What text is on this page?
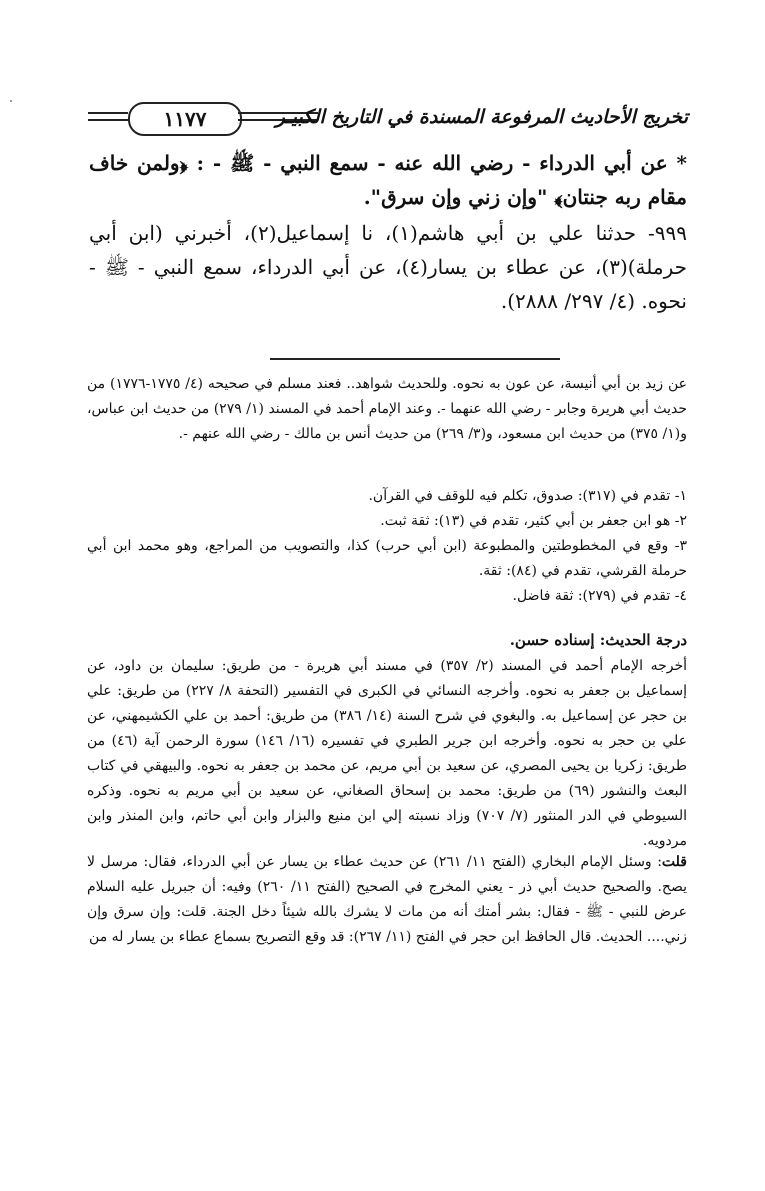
١١٧٧	تخريج الأحاديث المرفوعة المسندة في التاريخ الكبيـر
* عن أبي الدرداء - رضي الله عنه - سمع النبي - ﷺ - : ﴿ولمن خاف مقام ربه جنتان﴾ "وإن زني وإن سرق".
٩٩٩- حدثنا علي بن أبي هاشم(١)، نا إسماعيل(٢)، أخبرني (ابن أبي حرملة)(٣)، عن عطاء بن يسار(٤)، عن أبي الدرداء، سمع النبي - ﷺ - نحوه. (٤/ ٢٩٧/ ٢٨٨٨).
عن زيد بن أبي أنيسة، عن عون به نحوه. وللحديث شواهد.. فعند مسلم في صحيحه (٤/ ١٧٧٥-١٧٧٦) من حديث أبي هريرة وجابر - رضي الله عنهما -. وعند الإمام أحمد في المسند (١/ ٢٧٩) من حديث ابن عباس، و(١/ ٣٧٥) من حديث ابن مسعود، و(٣/ ٢٦٩) من حديث أنس بن مالك - رضي الله عنهم -.
١- تقدم في (٣١٧): صدوق، تكلم فيه للوقف في القرآن.
٢- هو ابن جعفر بن أبي كثير، تقدم في (١٣): ثقة ثبت.
٣- وقع في المخطوطتين والمطبوعة (ابن أبي حرب) كذا، والتصويب من المراجع، وهو محمد ابن أبي حرملة القرشي، تقدم في (٨٤): ثقة.
٤- تقدم في (٢٧٩): ثقة فاضل.
درجة الحديث: إسناده حسن.
أخرجه الإمام أحمد في المسند (٢/ ٣٥٧) في مسند أبي هريرة - من طريق: سليمان بن داود، عن إسماعيل بن جعفر به نحوه. وأخرجه النسائي في الكبرى في التفسير (التحفة ٨/ ٢٢٧) من طريق: علي بن حجر عن إسماعيل به. والبغوي في شرح السنة (١٤/ ٣٨٦) من طريق: أحمد بن علي الكشيمهني، عن علي بن حجر به نحوه. وأخرجه ابن جرير الطبري في تفسيره (١٦/ ١٤٦) سورة الرحمن آية (٤٦) من طريق: زكريا بن يحيى المصري، عن سعيد بن أبي مريم، عن محمد بن جعفر به نحوه. والبيهقي في كتاب البعث والنشور (٦٩) من طريق: محمد بن إسحاق الصغاني، عن سعيد بن أبي مريم به نحوه. وذكره السيوطي في الدر المنثور (٧/ ٧٠٧) وزاد نسبته إلي ابن منيع والبزار وابن أبي حاتم، وابن المنذر وابن مردويه.
قلت: وسئل الإمام البخاري (الفتح ١١/ ٢٦١) عن حديث عطاء بن يسار عن أبي الدرداء، فقال: مرسل لا يصح. والصحيح حديث أبي ذر - يعني المخرج في الصحيح (الفتح ١١/ ٢٦٠) وفيه: أن جبريل عليه السلام عرض للنبي - ﷺ - فقال: بشر أمتك أنه من مات لا يشرك بالله شيئاً دخل الجنة. قلت: وإن سرق وإن زني.... الحديث. قال الحافظ ابن حجر في الفتح (١١/ ٢٦٧): قد وقع التصريح بسماع عطاء بن يسار له من
